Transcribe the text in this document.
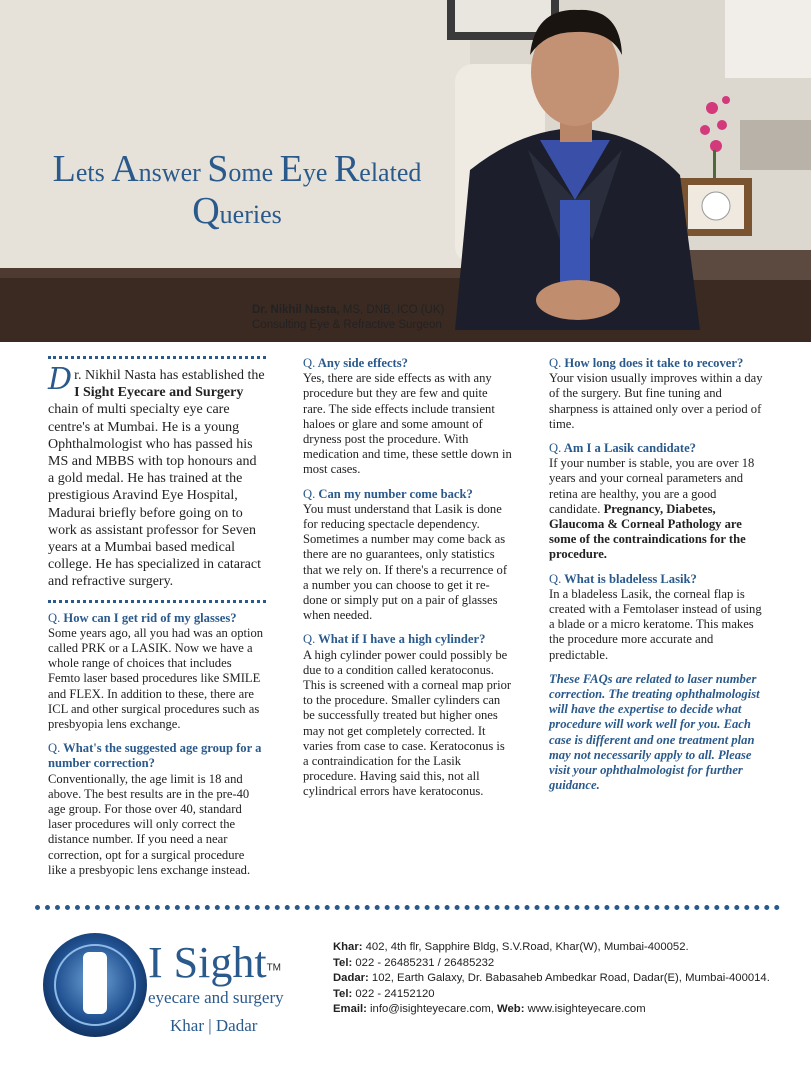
Lets Answer Some Eye Related
Queries
Dr. Nikhil Nasta, MS, DNB, ICO (UK)
Consulting Eye & Refractive Surgeon

Dr. Nikhil Nasta has established the I Sight Eyecare and Surgery chain of multi specialty eye care centre's at Mumbai. He is a young Ophthalmologist who has passed his MS and MBBS with top honours and a gold medal. He has trained at the prestigious Aravind Eye Hospital, Madurai briefly before going on to work as assistant professor for Seven years at a Mumbai based medical college. He has specialized in cataract and refractive surgery.

Q. How can I get rid of my glasses?
Some years ago, all you had was an option called PRK or a LASIK. Now we have a whole range of choices that includes Femto laser based procedures like SMILE and FLEX. In addition to these, there are ICL and other surgical procedures such as presbyopia lens exchange.

Q. What's the suggested age group for a number correction?
Conventionally, the age limit is 18 and above. The best results are in the pre-40 age group. For those over 40, standard laser procedures will only correct the distance number. If you need a near correction, opt for a surgical procedure like a presbyopic lens exchange instead.

Q. Any side effects?
Yes, there are side effects as with any procedure but they are few and quite rare. The side effects include transient haloes or glare and some amount of dryness post the procedure. With medication and time, these settle down in most cases.

Q. Can my number come back?
You must understand that Lasik is done for reducing spectacle dependency. Sometimes a number may come back as there are no guarantees, only statistics that we rely on. If there's a recurrence of a number you can choose to get it re-done or simply put on a pair of glasses when needed.

Q. What if I have a high cylinder?
A high cylinder power could possibly be due to a condition called keratoconus. This is screened with a corneal map prior to the procedure. Smaller cylinders can be successfully treated but higher ones may not get completely corrected. It varies from case to case. Keratoconus is a contraindication for the Lasik procedure. Having said this, not all cylindrical errors have keratoconus.

Q. How long does it take to recover?
Your vision usually improves within a day of the surgery. But fine tuning and sharpness is attained only over a period of time.

Q. Am I a Lasik candidate?
If your number is stable, you are over 18 years and your corneal parameters and retina are healthy, you are a good candidate. Pregnancy, Diabetes, Glaucoma & Corneal Pathology are some of the contraindications for the procedure.

Q. What is bladeless Lasik?
In a bladeless Lasik, the corneal flap is created with a Femtolaser instead of using a blade or a micro keratome. This makes the procedure more accurate and predictable.

These FAQs are related to laser number correction. The treating ophthalmologist will have the expertise to decide what procedure will work well for you. Each case is different and one treatment plan may not necessarily apply to all. Please visit your ophthalmologist for further guidance.

I Sight™
eyecare and surgery
Khar | Dadar
Khar: 402, 4th flr, Sapphire Bldg, S.V.Road, Khar(W), Mumbai-400052.
Tel: 022 - 26485231 / 26485232
Dadar: 102, Earth Galaxy, Dr. Babasaheb Ambedkar Road, Dadar(E), Mumbai-400014.
Tel: 022 - 24152120
Email: info@isighteyecare.com, Web: www.isighteyecare.com
